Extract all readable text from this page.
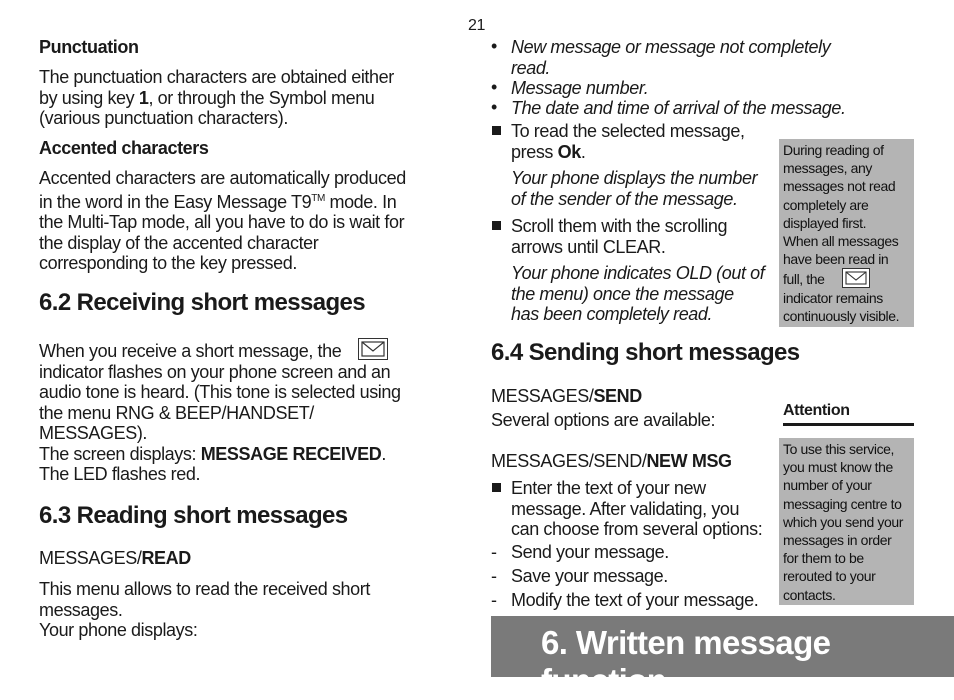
21
Punctuation

The punctuation characters are obtained either

by using key 1, or through the Symbol menu

(various punctuation characters).

Accented characters

Accented characters are automatically produced

in the word in the Easy Message T9™ mode. In

the Multi-Tap mode, all you have to do is wait for

the display of the accented character

corresponding to the key pressed.

6.2 Receiving short messages

When you receive a short message, the

indicator flashes on your phone screen and an

audio tone is heard. (This tone is selected using

the menu RNG & BEEP/HANDSET/

MESSAGES).

The screen displays: MESSAGE RECEIVED.

The LED flashes red.

6.3 Reading short messages
MESSAGES/READ

This menu allows to read the received short

messages.

Your phone displays:

• New message or message not completely

read.

• Message number.
• The date and time of arrival of the message.

To read the selected message,

press Ok.

Your phone displays the number

of the sender of the message.

Scroll them with the scrolling

arrows until CLEAR.

Your phone indicates OLD (out of

the menu) once the message

has been completely read.

6.4 Sending short messages
MESSAGES/SEND
Several options are available:
MESSAGES/SEND/NEW MSG

Enter the text of your new

message. After validating, you

can choose from several options:

- Send your message.
- Save your message.
- Modify the text of your message.
During reading of
messages, any
messages not read
completely are
displayed first.
When all messages
have been read in
full, the
indicator remains
continuously visible.
Attention
To use this service,
you must know the
number of your
messaging centre to
which you send your
messages in order
for them to be
rerouted to your
contacts.
6. Written message function
